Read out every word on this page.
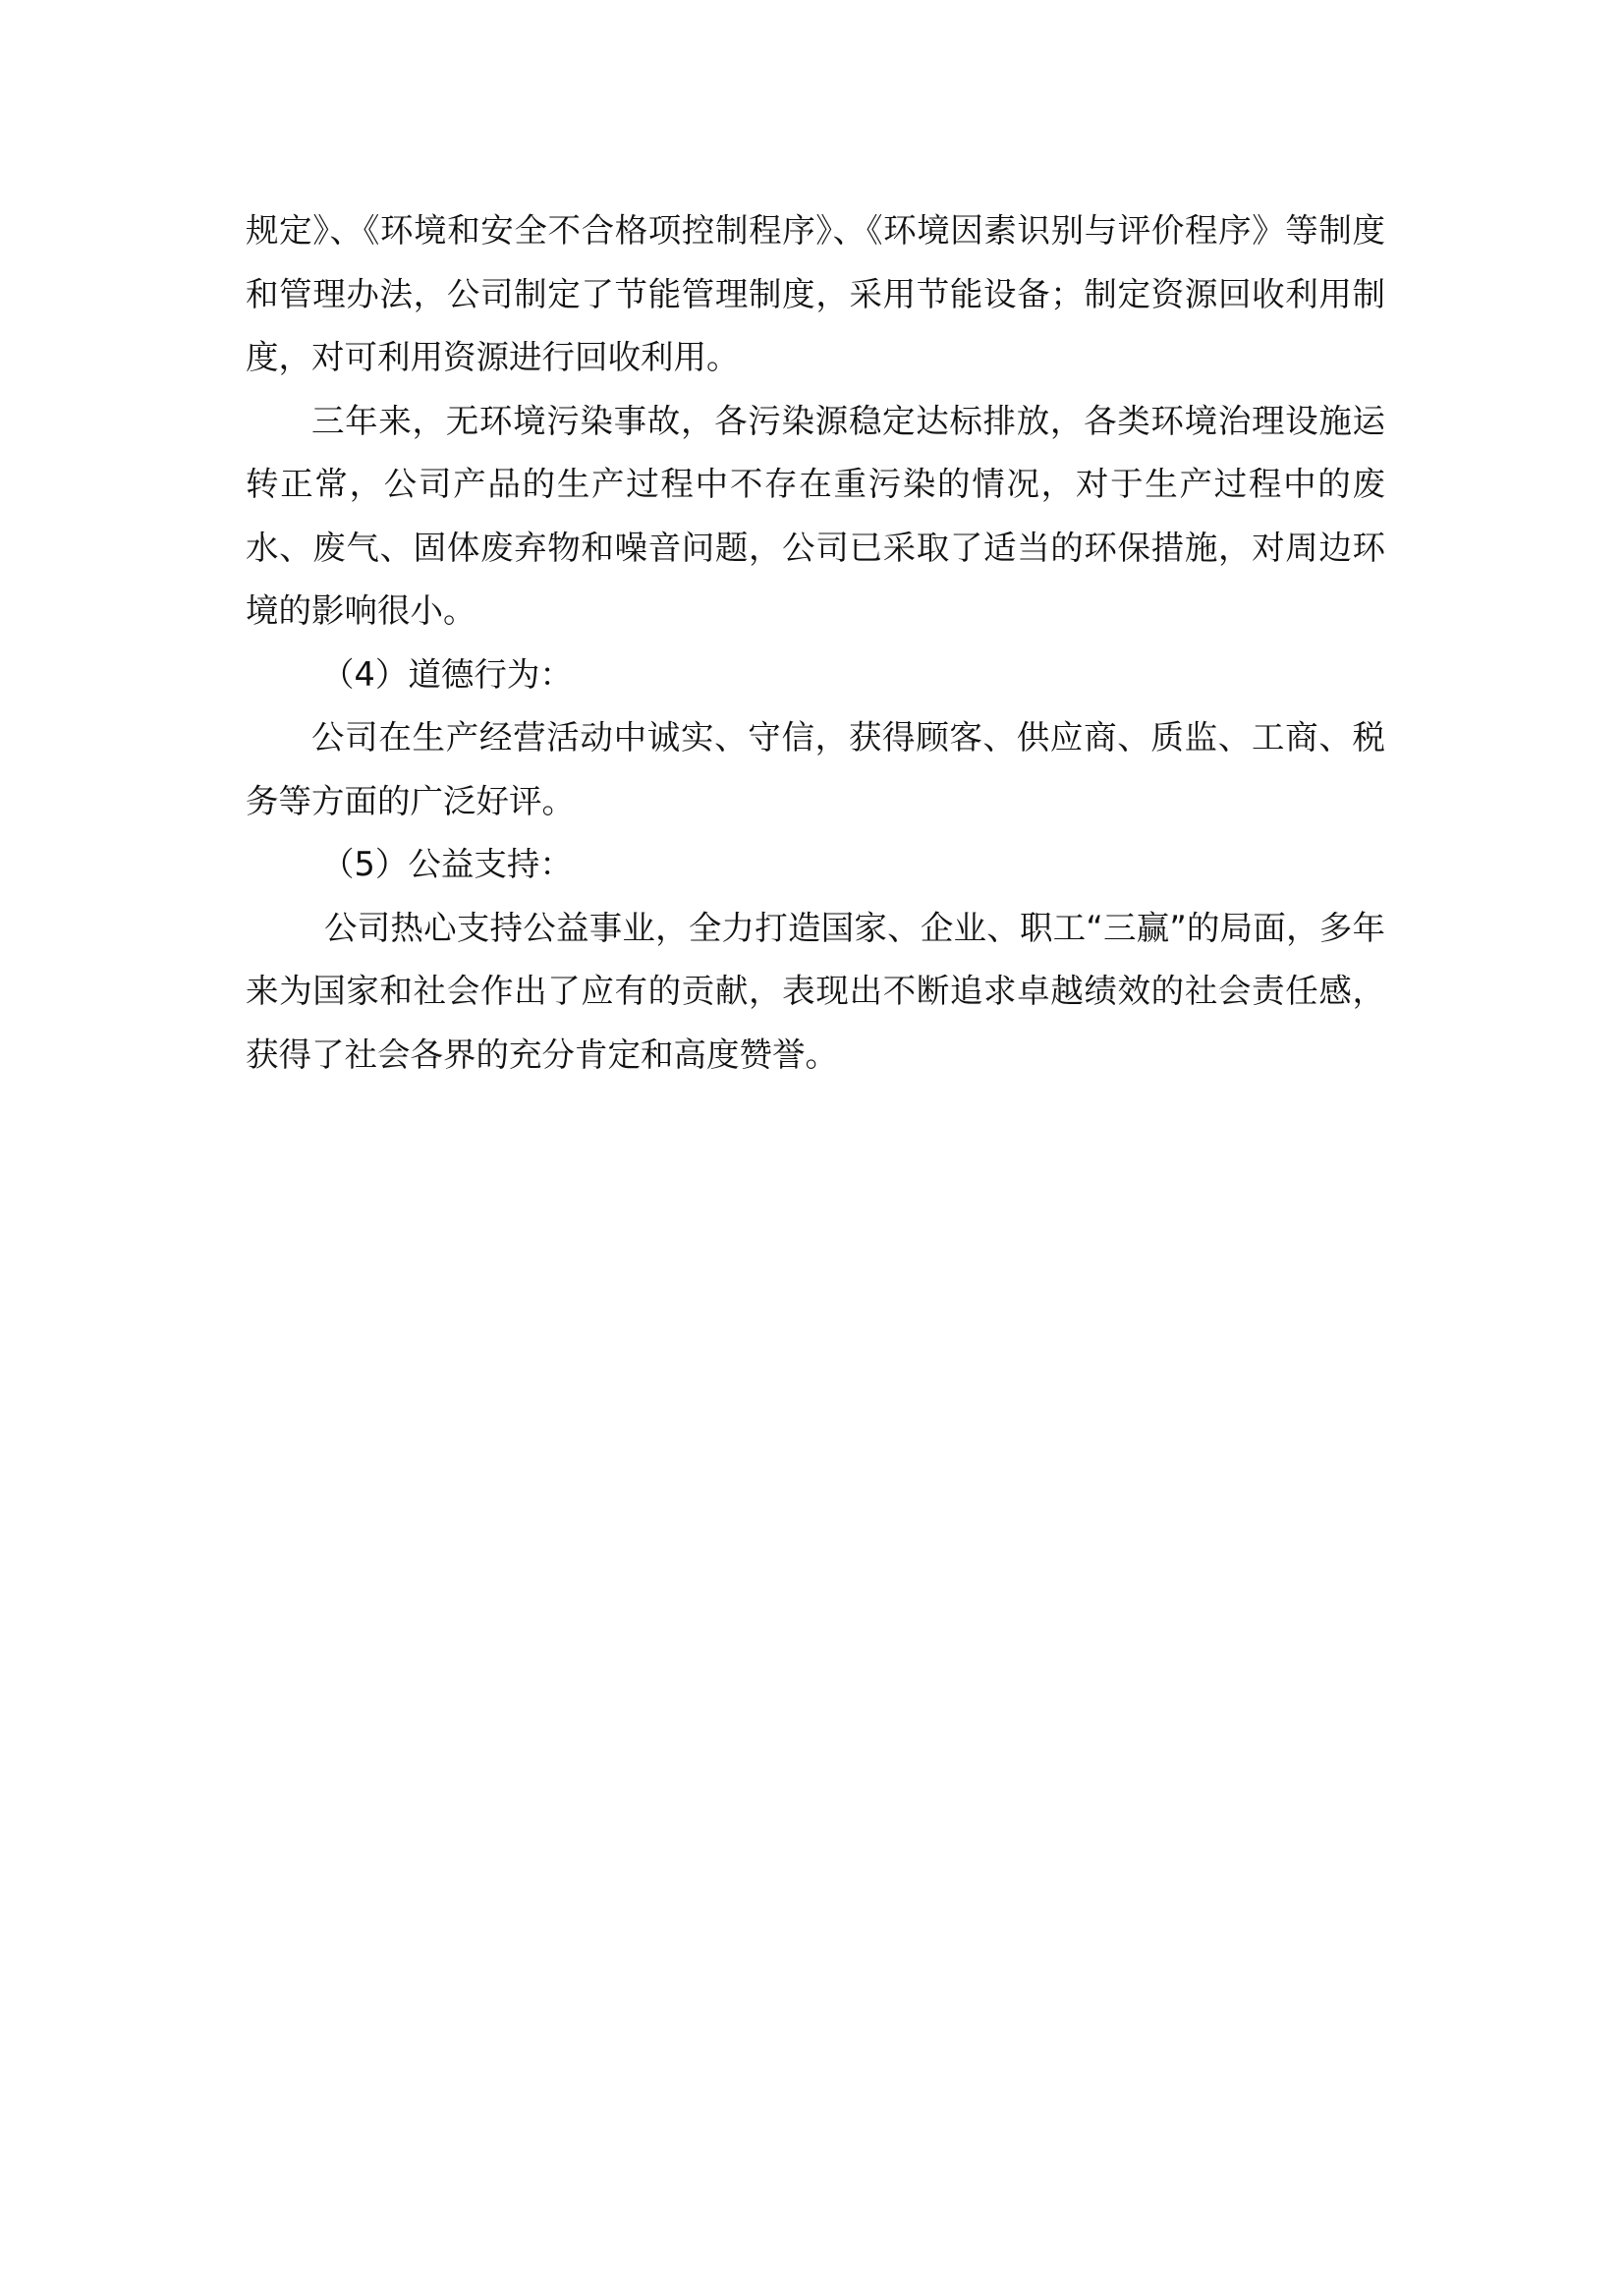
规定》、《环境和安全不合格项控制程序》、《环境因素识别与评价程序》等制度和管理办法，公司制定了节能管理制度，采用节能设备；制定资源回收利用制度，对可利用资源进行回收利用。

三年来，无环境污染事故，各污染源稳定达标排放，各类环境治理设施运转正常，公司产品的生产过程中不存在重污染的情况，对于生产过程中的废水、废气、固体废弃物和噪音问题，公司已采取了适当的环保措施，对周边环境的影响很小。

（4）道德行为：

公司在生产经营活动中诚实、守信，获得顾客、供应商、质监、工商、税务等方面的广泛好评。

（5）公益支持：

公司热心支持公益事业，全力打造国家、企业、职工“三赢”的局面，多年来为国家和社会作出了应有的贡献，表现出不断追求卓越绩效的社会责任感，获得了社会各界的充分肯定和高度赞誉。
